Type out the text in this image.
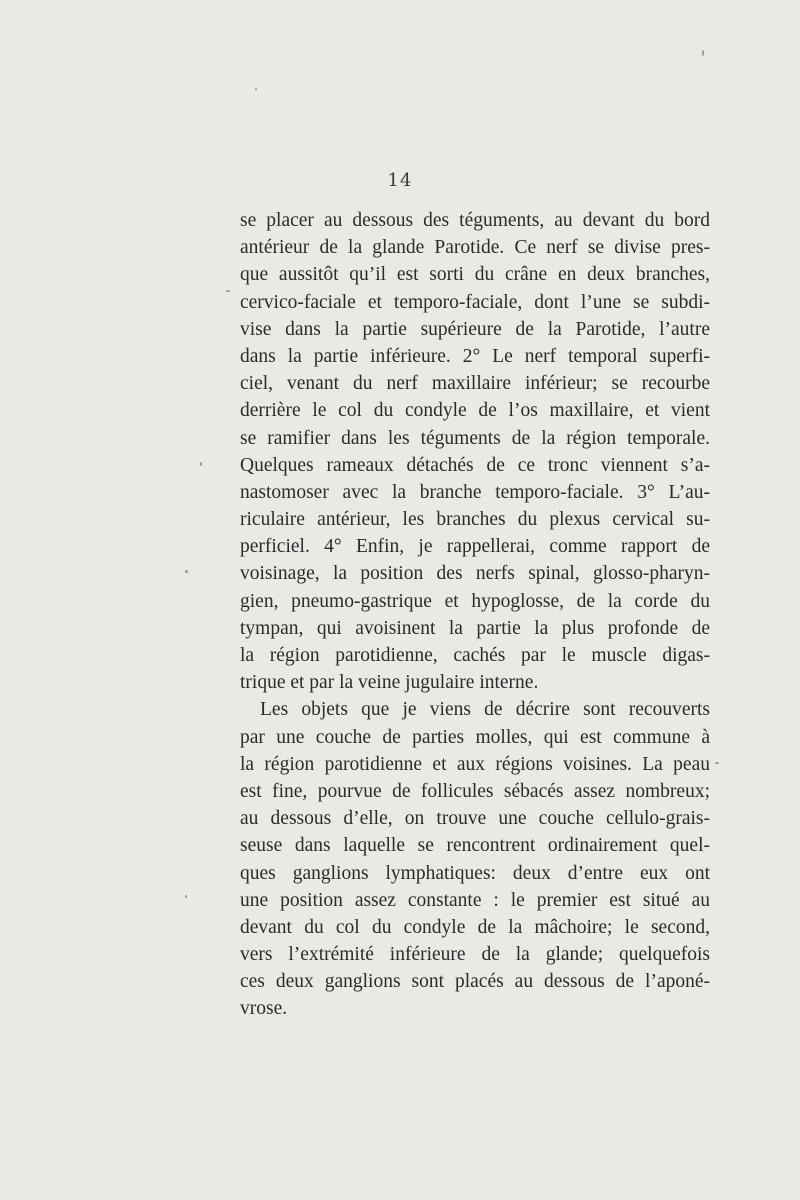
14
se placer au dessous des téguments, au devant du bord
antérieur de la glande Parotide. Ce nerf se divise pres-
que aussitôt qu’il est sorti du crâne en deux branches,
cervico-faciale et temporo-faciale, dont l’une se subdi-
vise dans la partie supérieure de la Parotide, l’autre
dans la partie inférieure. 2° Le nerf temporal superfi-
ciel, venant du nerf maxillaire inférieur; se recourbe
derrière le col du condyle de l’os maxillaire, et vient
se ramifier dans les téguments de la région temporale.
Quelques rameaux détachés de ce tronc viennent s’a-
nastomoser avec la branche temporo-faciale. 3° L’au-
riculaire antérieur, les branches du plexus cervical su-
perficiel. 4° Enfin, je rappellerai, comme rapport de
voisinage, la position des nerfs spinal, glosso-pharyn-
gien, pneumo-gastrique et hypoglosse, de la corde du
tympan, qui avoisinent la partie la plus profonde de
la région parotidienne, cachés par le muscle digas-
trique et par la veine jugulaire interne.
Les objets que je viens de décrire sont recouverts
par une couche de parties molles, qui est commune à
la région parotidienne et aux régions voisines. La peau
est fine, pourvue de follicules sébacés assez nombreux;
au dessous d’elle, on trouve une couche cellulo-grais-
seuse dans laquelle se rencontrent ordinairement quel-
ques ganglions lymphatiques: deux d’entre eux ont
une position assez constante : le premier est situé au
devant du col du condyle de la mâchoire; le second,
vers l’extrémité inférieure de la glande; quelquefois
ces deux ganglions sont placés au dessous de l’aponé-
vrose.
